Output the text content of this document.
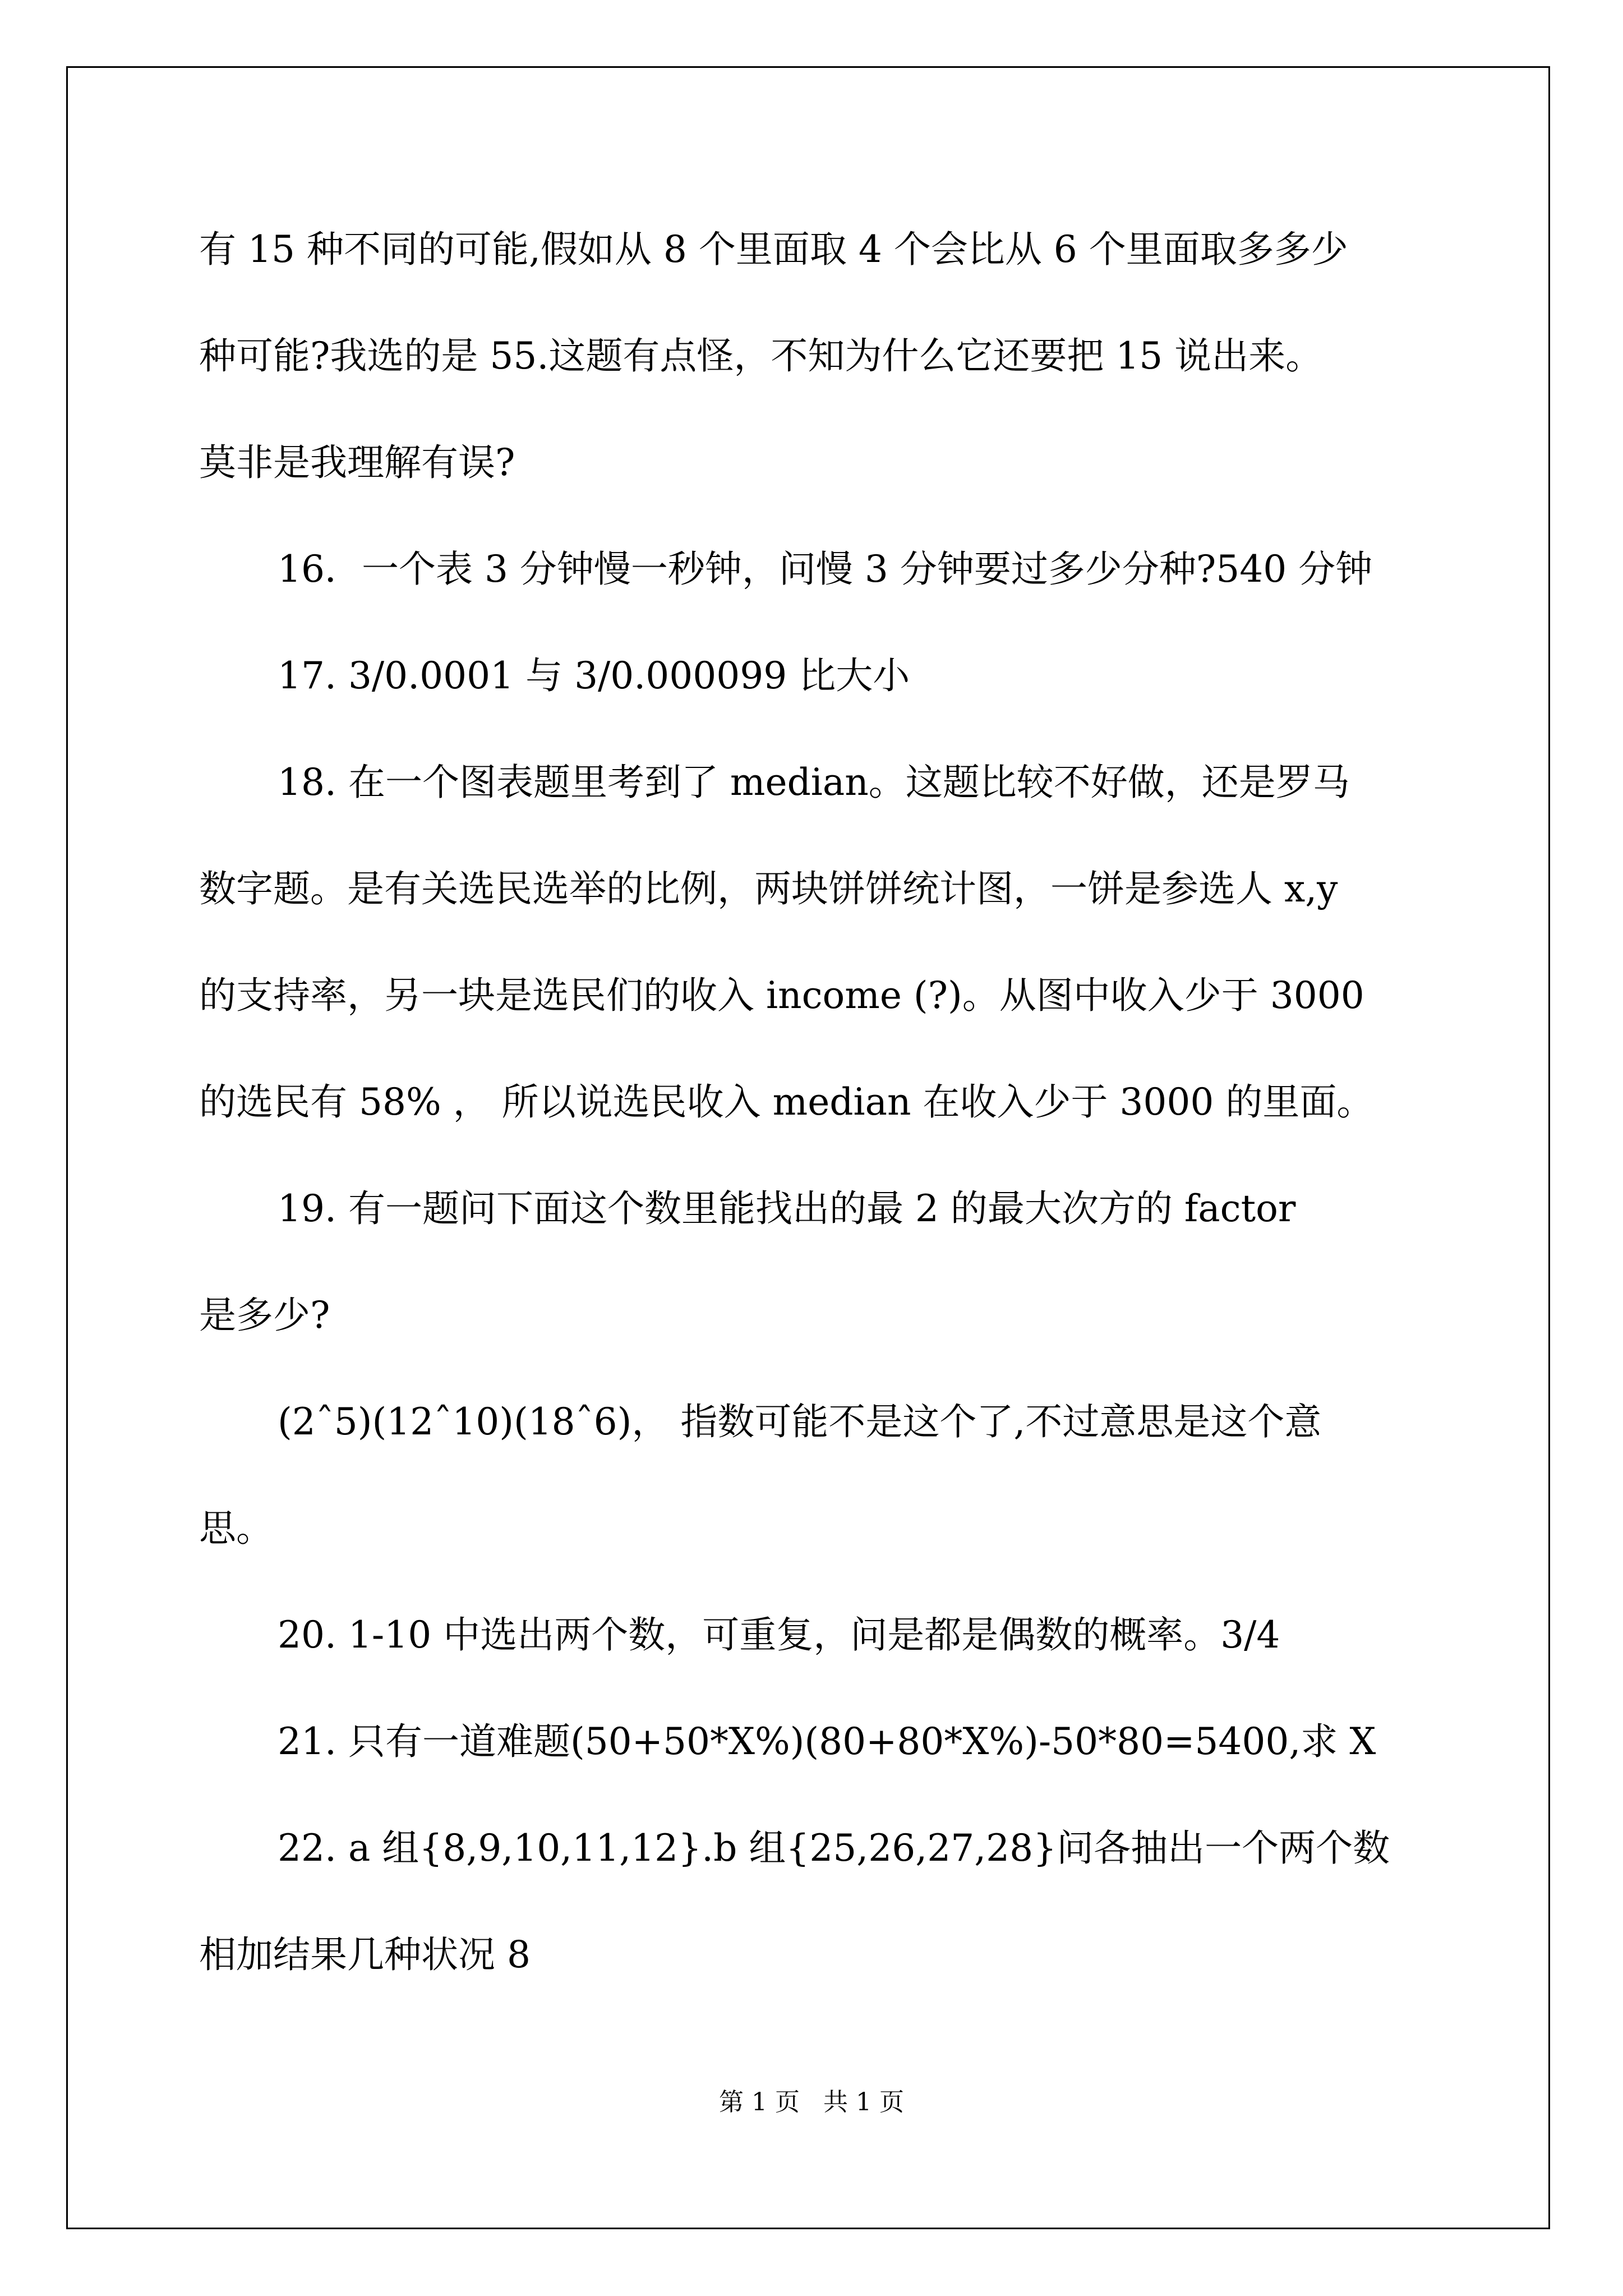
有 15 种不同的可能,假如从 8 个里面取 4 个会比从 6 个里面取多多少
种可能?我选的是 55.这题有点怪，不知为什么它还要把 15 说出来。
莫非是我理解有误?
16．一个表 3 分钟慢一秒钟，问慢 3 分钟要过多少分种?540 分钟
17. 3/0.0001 与 3/0.000099 比大小
18. 在一个图表题里考到了 median。这题比较不好做，还是罗马
数字题。是有关选民选举的比例，两块饼饼统计图，一饼是参选人 x,y
的支持率，另一块是选民们的收入 income (?)。从图中收入少于 3000
的选民有 58% ， 所以说选民收入 median 在收入少于 3000 的里面。
19. 有一题问下面这个数里能找出的最 2 的最大次方的 factor
是多少?
(2ˆ5)(12ˆ10)(18ˆ6)， 指数可能不是这个了,不过意思是这个意
思。
20. 1-10 中选出两个数，可重复，问是都是偶数的概率。3/4
21. 只有一道难题(50+50*X%)(80+80*X%)-50*80=5400,求 X
22. a 组{8,9,10,11,12}.b 组{25,26,27,28}问各抽出一个两个数
相加结果几种状况 8
第 1 页   共 1 页
